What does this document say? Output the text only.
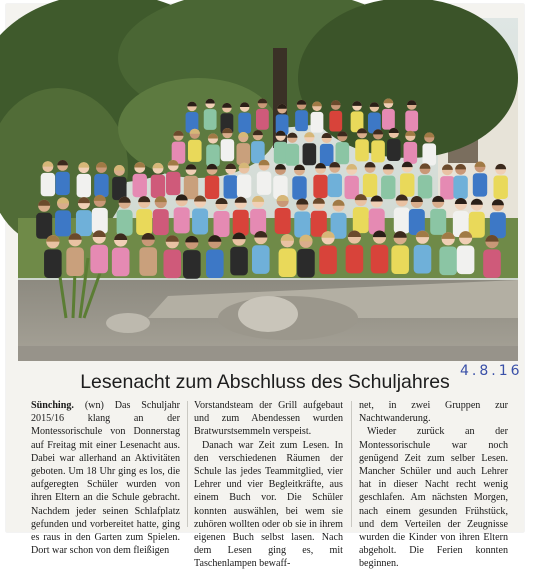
4.8.16
Lesenacht zum Abschluss des Schuljahres

Sünching. (wn) Das Schuljahr 2015/16 klang an der Montessorischule von Donnerstag auf Freitag mit einer Lesenacht aus. Dabei war allerhand an Aktivitäten geboten. Um 18 Uhr ging es los, die aufgeregten Schüler wurden von ihren Eltern an die Schule gebracht. Nachdem jeder seinen Schlafplatz gefunden und vorbereitet hatte, ging es raus in den Garten zum Spielen. Dort war schon von dem fleißigen

Vorstandsteam der Grill aufgebaut und zum Abendessen wurden Bratwurstsemmeln verspeist.

Danach war Zeit zum Lesen. In den verschiedenen Räumen der Schule las jedes Teammitglied, vier Lehrer und vier Begleitkräfte, aus einem Buch vor. Die Schüler konnten auswählen, bei wem sie zuhören wollten oder ob sie in ihrem eigenen Buch selbst lasen. Nach dem Lesen ging es, mit Taschenlampen bewaff-

net, in zwei Gruppen zur Nachtwanderung.

Wieder zurück an der Montessorischule war noch genügend Zeit zum selber Lesen. Mancher Schüler und auch Lehrer hat in dieser Nacht recht wenig geschlafen. Am nächsten Morgen, nach einem gesunden Frühstück, und dem Verteilen der Zeugnisse wurden die Kinder von ihren Eltern abgeholt. Die Ferien konnten beginnen.
